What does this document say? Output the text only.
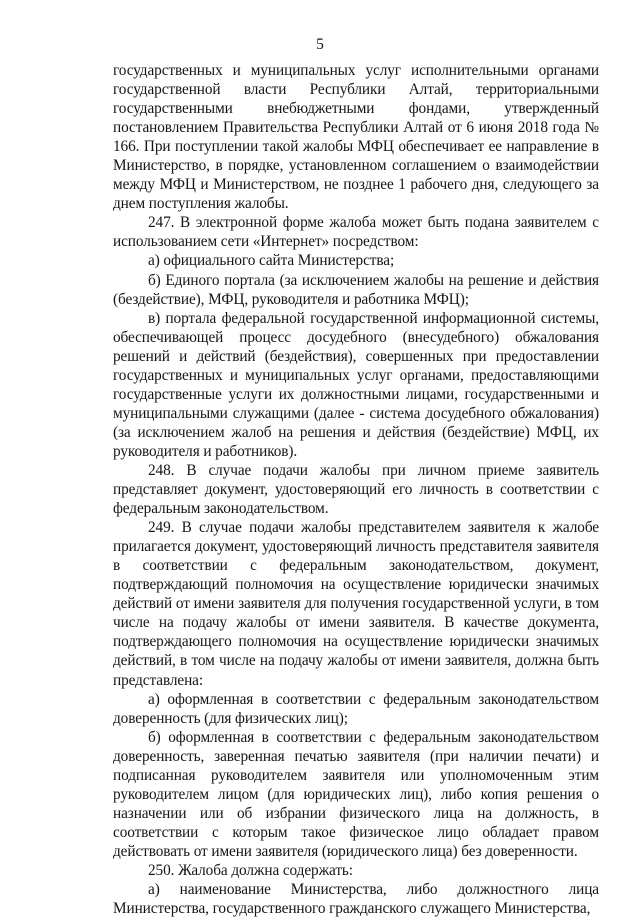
5

государственных и муниципальных услуг исполнительными органами государственной власти Республики Алтай, территориальными государственными внебюджетными фондами, утвержденный постановлением Правительства Республики Алтай от 6 июня 2018 года № 166. При поступлении такой жалобы МФЦ обеспечивает ее направление в Министерство, в порядке, установленном соглашением о взаимодействии между МФЦ и Министерством, не позднее 1 рабочего дня, следующего за днем поступления жалобы.

247. В электронной форме жалоба может быть подана заявителем с использованием сети «Интернет» посредством:

а) официального сайта Министерства;

б) Единого портала (за исключением жалобы на решение и действия (бездействие), МФЦ, руководителя и работника МФЦ);

в) портала федеральной государственной информационной системы, обеспечивающей процесс досудебного (внесудебного) обжалования решений и действий (бездействия), совершенных при предоставлении государственных и муниципальных услуг органами, предоставляющими государственные услуги их должностными лицами, государственными и муниципальными служащими (далее - система досудебного обжалования) (за исключением жалоб на решения и действия (бездействие) МФЦ, их руководителя и работников).

248. В случае подачи жалобы при личном приеме заявитель представляет документ, удостоверяющий его личность в соответствии с федеральным законодательством.

249. В случае подачи жалобы представителем заявителя к жалобе прилагается документ, удостоверяющий личность представителя заявителя в соответствии с федеральным законодательством, документ, подтверждающий полномочия на осуществление юридически значимых действий от имени заявителя для получения государственной услуги, в том числе на подачу жалобы от имени заявителя. В качестве документа, подтверждающего полномочия на осуществление юридически значимых действий, в том числе на подачу жалобы от имени заявителя, должна быть представлена:

а) оформленная в соответствии с федеральным законодательством доверенность (для физических лиц);

б) оформленная в соответствии с федеральным законодательством доверенность, заверенная печатью заявителя (при наличии печати) и подписанная руководителем заявителя или уполномоченным этим руководителем лицом (для юридических лиц), либо копия решения о назначении или об избрании физического лица на должность, в соответствии с которым такое физическое лицо обладает правом действовать от имени заявителя (юридического лица) без доверенности.

250. Жалоба должна содержать:

а) наименование Министерства, либо должностного лица Министерства, государственного гражданского служащего Министерства,
